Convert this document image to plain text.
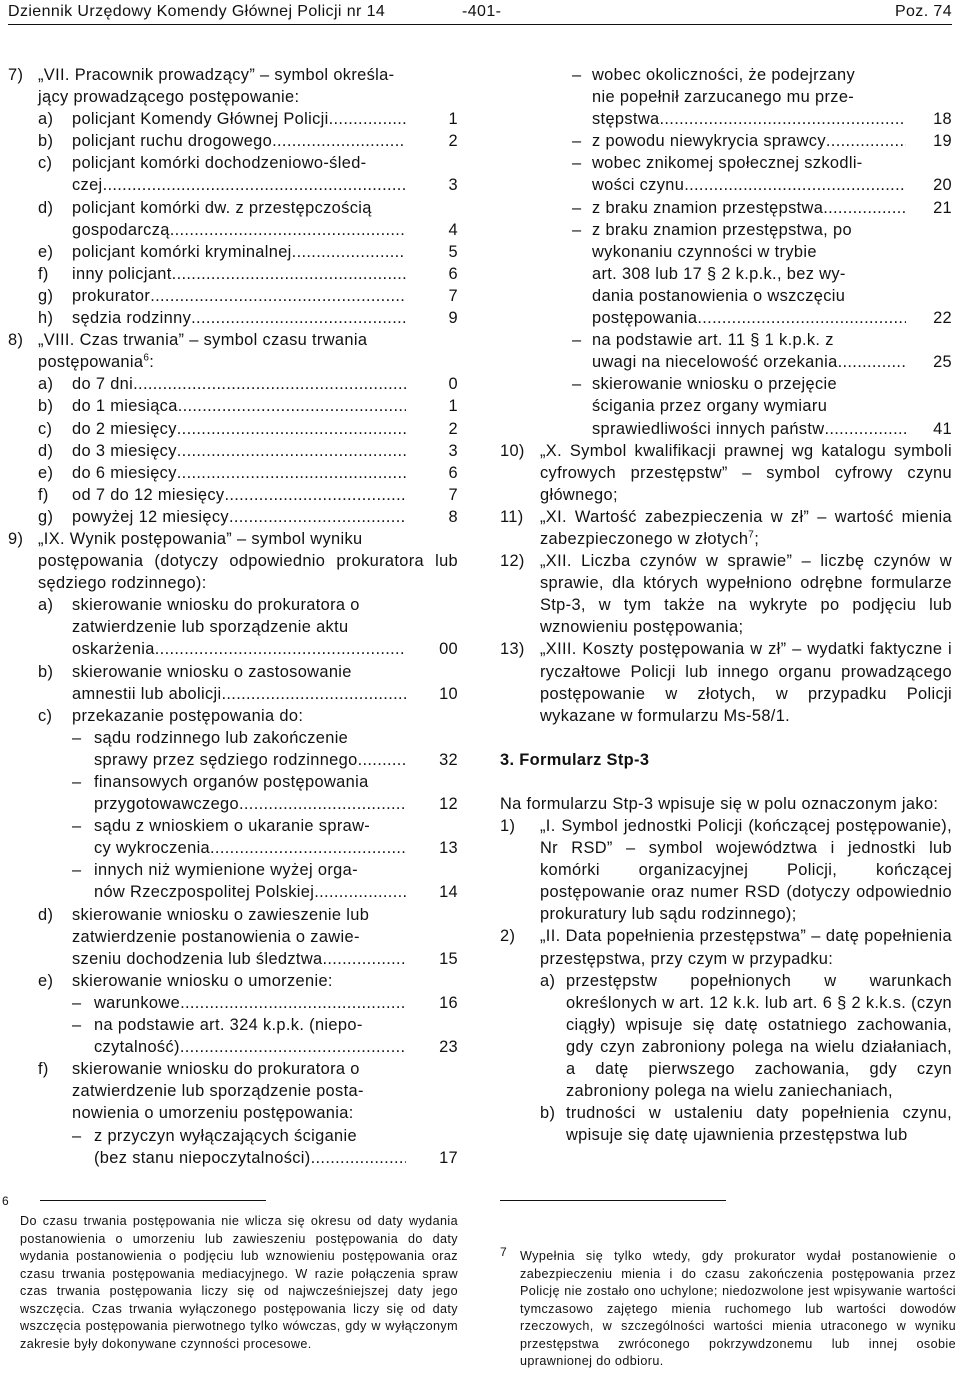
Dziennik Urzędowy Komendy Głównej Policji nr 14	-401-	Poz. 74
7) „VII. Pracownik prowadzący” – symbol określa-
jący prowadzącego postępowanie:
a) policjant Komendy Głównej Policji .....	1
b) policjant ruchu drogowego .....	2
c) policjant komórki dochodzeniowo-śled-
czej .....	3
d) policjant komórki dw. z przestępczością
gospodarczą .....	4
e) policjant komórki kryminalnej .....	5
f) inny policjant .....	6
g) prokurator .....	7
h) sędzia rodzinny .....	9
8) „VIII. Czas trwania” – symbol czasu trwania
postępowania$^6$:
a) do 7 dni .....	0
b) do 1 miesiąca .....	1
c) do 2 miesięcy .....	2
d) do 3 miesięcy .....	3
e) do 6 miesięcy .....	6
f) od 7 do 12 miesięcy .....	7
g) powyżej 12 miesięcy .....	8
9) „IX. Wynik postępowania” – symbol wyniku
postępowania (dotyczy odpowiednio prokuratora lub sędziego rodzinnego):
a) skierowanie wniosku do prokuratora o
zatwierdzenie lub sporządzenie aktu
oskarżenia .....	00
b) skierowanie wniosku o zastosowanie
amnestii lub abolicji .....	10
c) przekazanie postępowania do:
– sądu rodzinnego lub zakończenie
sprawy przez sędziego rodzinnego .....	32
– finansowych organów postępowania
przygotowawczego .....	12
– sądu z wnioskiem o ukaranie spraw-
cy wykroczenia .....	13
– innych niż wymienione wyżej orga-
nów Rzeczpospolitej Polskiej .....	14
d) skierowanie wniosku o zawieszenie lub
zatwierdzenie postanowienia o zawie-
szeniu dochodzenia lub śledztwa .....	15
e) skierowanie wniosku o umorzenie:
– warunkowe .....	16
– na podstawie art. 324 k.p.k. (niepo-
czytalność) .....	23
f) skierowanie wniosku do prokuratora o
zatwierdzenie lub sporządzenie posta-
nowienia o umorzeniu postępowania:
– z przyczyn wyłączających ściganie
(bez stanu niepoczytalności) .....	17
6
Do czasu trwania postępowania nie wlicza się okresu od daty wydania postanowienia o umorzeniu lub zawieszeniu postępowania do daty wydania postanowienia o podjęciu lub wznowieniu postępowania oraz czasu trwania postępowania mediacyjnego. W razie połączenia spraw czas trwania postępowania liczy się od najwcześniejszej daty jego wszczęcia. Czas trwania wyłączonego postępowania liczy się od daty wszczęcia postępowania pierwotnego tylko wówczas, gdy w wyłączonym zakresie były dokonywane czynności procesowe.
– wobec okoliczności, że podejrzany
nie popełnił zarzucanego mu prze-
stępstwa .....	18
– z powodu niewykrycia sprawcy .....	19
– wobec znikomej społecznej szkodli-
wości czynu .....	20
– z braku znamion przestępstwa .....	21
– z braku znamion przestępstwa, po
wykonaniu czynności w trybie
art. 308 lub 17 § 2 k.p.k., bez wy-
dania postanowienia o wszczęciu
postępowania .....	22
– na podstawie art. 11 § 1 k.p.k. z
uwagi na niecelowość orzekania .....	25
– skierowanie wniosku o przejęcie
ścigania przez organy wymiaru
sprawiedliwości innych państw .....	41
10) „X. Symbol kwalifikacji prawnej wg katalogu symboli cyfrowych przestępstw” – symbol cyfrowy czynu głównego;
11) „XI. Wartość zabezpieczenia w zł” – wartość mienia zabezpieczonego w złotych$^7$;
12) „XII. Liczba czynów w sprawie” – liczbę czynów w sprawie, dla których wypełniono odrębne formularze Stp-3, w tym także na wykryte po podjęciu lub wznowieniu postępowania;
13) „XIII. Koszty postępowania w zł” – wydatki faktyczne i ryczałtowe Policji lub innego organu prowadzącego postępowanie w złotych, w przypadku Policji wykazane w formularzu Ms-58/1.
3. Formularz Stp-3
Na formularzu Stp-3 wpisuje się w polu oznaczonym jako:
1) „I. Symbol jednostki Policji (kończącej postępowanie), Nr RSD” – symbol województwa i jednostki lub komórki organizacyjnej Policji, kończącej postępowanie oraz numer RSD (dotyczy odpowiednio prokuratury lub sądu rodzinnego);
2) „II. Data popełnienia przestępstwa” – datę popełnienia przestępstwa, przy czym w przypadku:
a) przestępstw popełnionych w warunkach określonych w art. 12 k.k. lub art. 6 § 2 k.k.s. (czyn ciągły) wpisuje się datę ostatniego zachowania, gdy czyn zabroniony polega na wielu działaniach, a datę pierwszego zachowania, gdy czyn zabroniony polega na wielu zaniechaniach,
b) trudności w ustaleniu daty popełnienia czynu, wpisuje się datę ujawnienia przestępstwa lub
7 Wypełnia się tylko wtedy, gdy prokurator wydał postanowienie o zabezpieczeniu mienia i do czasu zakończenia postępowania przez Policję nie zostało ono uchylone; niedozwolone jest wpisywanie wartości tymczasowo zajętego mienia ruchomego lub wartości dowodów rzeczowych, w szczególności wartości mienia utraconego w wyniku przestępstwa zwróconego pokrzywdzonemu lub innej osobie uprawnionej do odbioru.
